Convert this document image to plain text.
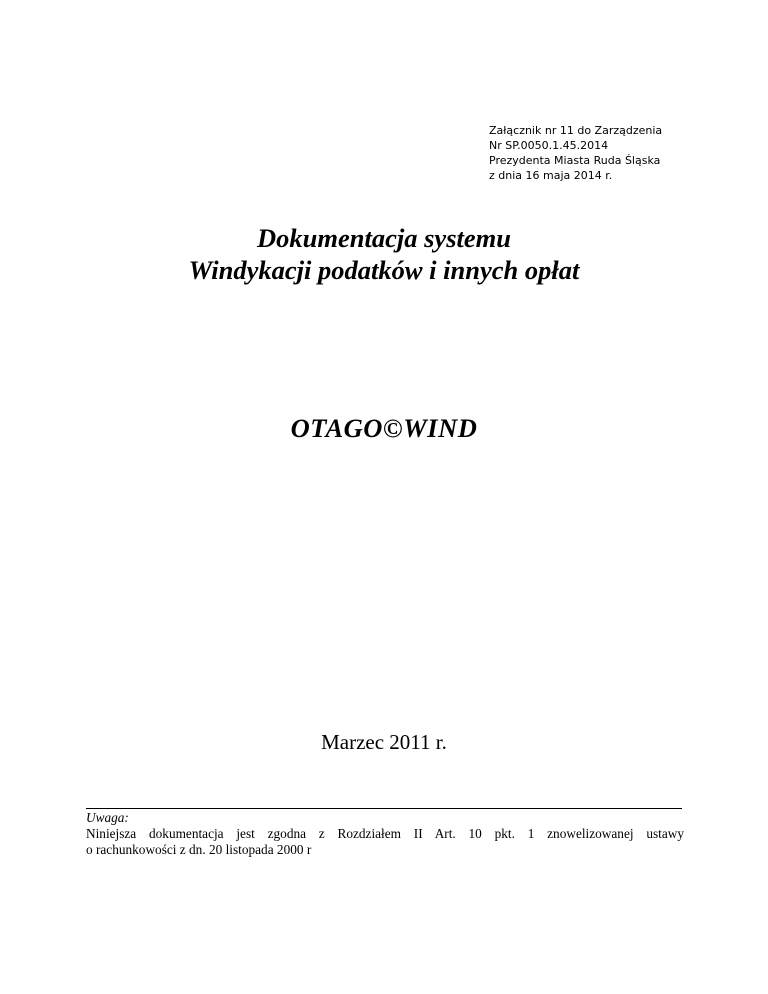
Załącznik nr 11 do Zarządzenia
Nr SP.0050.1.45.2014
Prezydenta Miasta Ruda Śląska
z dnia 16 maja 2014 r.
Dokumentacja systemu
Windykacji podatków i innych opłat
OTAGO©WIND
Marzec 2011 r.
Uwaga:
Niniejsza dokumentacja jest zgodna z Rozdziałem II Art. 10 pkt. 1 znowelizowanej ustawy
o rachunkowości z dn. 20 listopada 2000 r
